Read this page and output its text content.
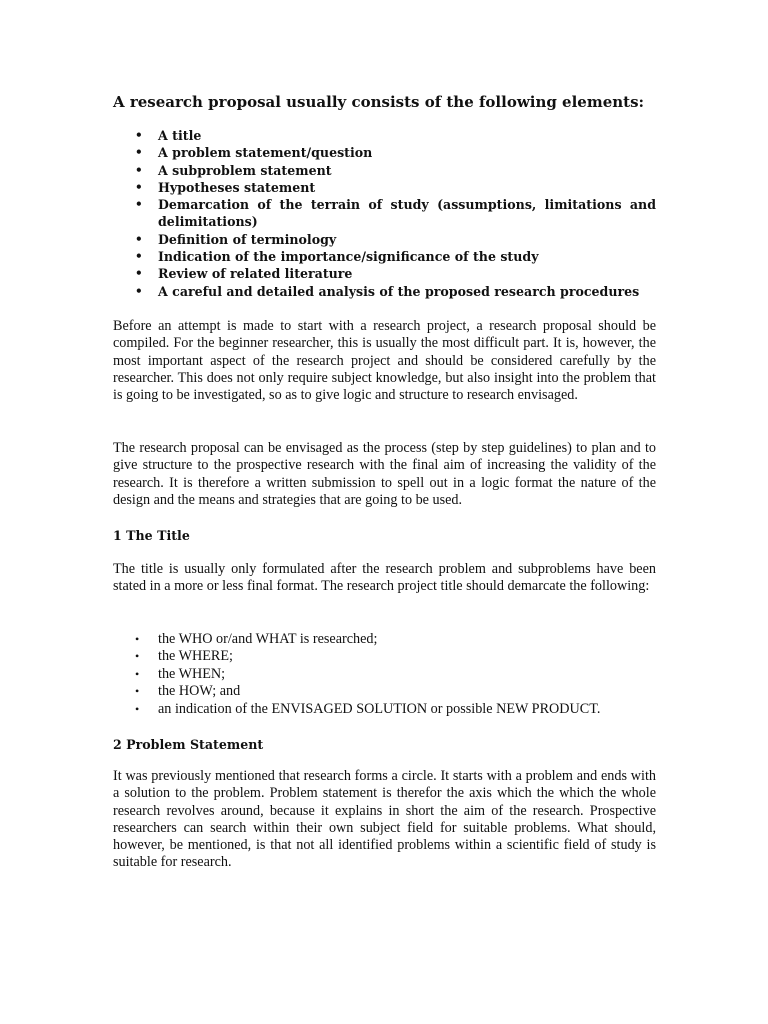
A research proposal usually consists of the following elements:
• A title
• A problem statement/question
• A subproblem statement
• Hypotheses statement
• Demarcation of the terrain of study (assumptions, limitations and delimitations)
• Definition of terminology
• Indication of the importance/significance of the study
• Review of related literature
• A careful and detailed analysis of the proposed research procedures

Before an attempt is made to start with a research project, a research proposal should be compiled. For the beginner researcher, this is usually the most difficult part. It is, however, the most important aspect of the research project and should be considered carefully by the researcher. This does not only require subject knowledge, but also insight into the problem that is going to be investigated, so as to give logic and structure to research envisaged.

The research proposal can be envisaged as the process (step by step guidelines) to plan and to give structure to the prospective research with the final aim of increasing the validity of the research. It is therefore a written submission to spell out in a logic format the nature of the design and the means and strategies that are going to be used.

1 The Title

The title is usually only formulated after the research problem and subproblems have been stated in a more or less final format. The research project title should demarcate the following:

• the WHO or/and WHAT is researched;
• the WHERE;
• the WHEN;
• the HOW; and
• an indication of the ENVISAGED SOLUTION or possible NEW PRODUCT.
2 Problem Statement

It was previously mentioned that research forms a circle. It starts with a problem and ends with a solution to the problem. Problem statement is therefor the axis which the which the whole research revolves around, because it explains in short the aim of the research. Prospective researchers can search within their own subject field for suitable problems. What should, however, be mentioned, is that not all identified problems within a scientific field of study is suitable for research.
